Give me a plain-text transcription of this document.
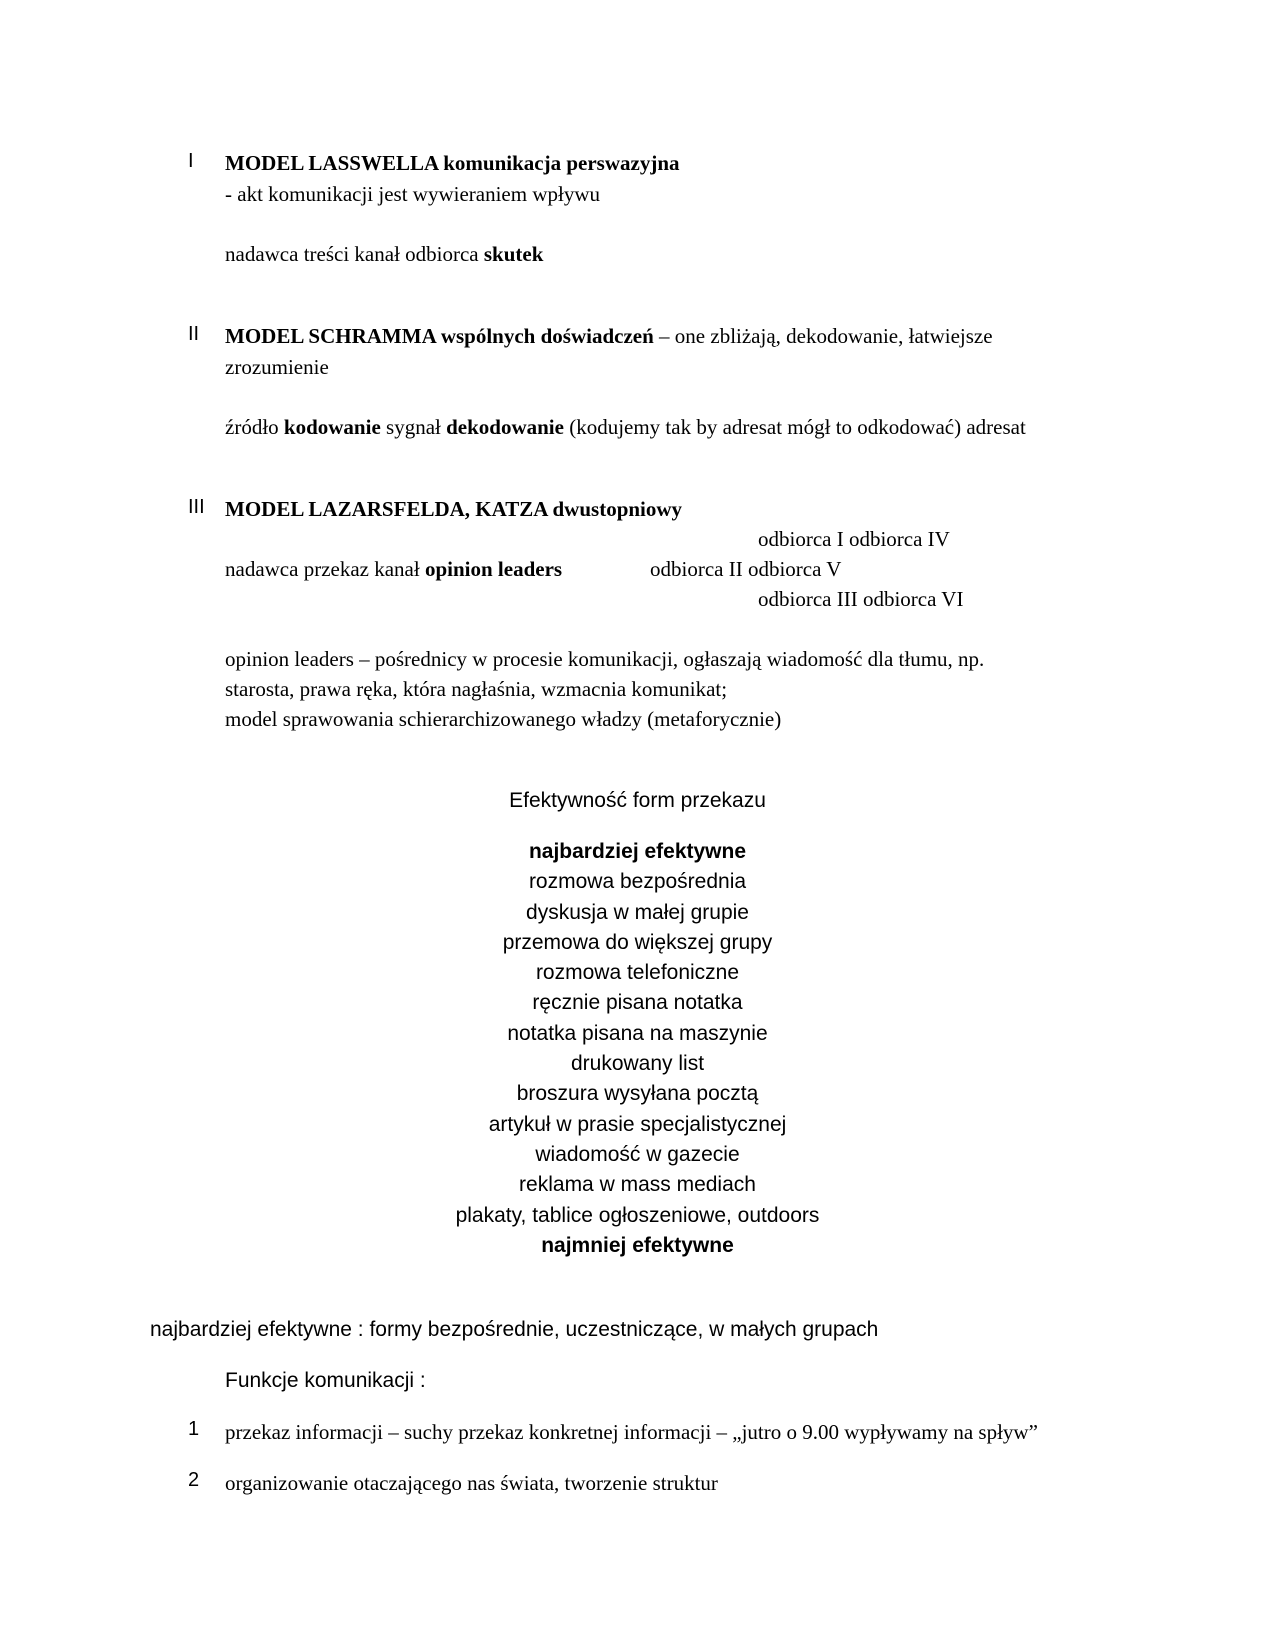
I MODEL LASSWELLA komunikacja perswazyjna
- akt komunikacji jest wywieraniem wpływu
nadawca treści kanał odbiorca skutek
II MODEL SCHRAMMA wspólnych doświadczeń – one zbliżają, dekodowanie, łatwiejsze
zrozumienie
źródło kodowanie sygnał dekodowanie (kodujemy tak by adresat mógł to odkodować) adresat
III MODEL LAZARSFELDA, KATZA dwustopniowy
odbiorca I odbiorca IV
nadawca przekaz kanał opinion leaders	odbiorca II odbiorca V
odbiorca III odbiorca VI
opinion leaders – pośrednicy w procesie komunikacji, ogłaszają wiadomość dla tłumu, np.
starosta, prawa ręka, która nagłaśnia, wzmacnia komunikat;
model sprawowania schierarchizowanego władzy (metaforycznie)
Efektywność form przekazu
najbardziej efektywne
rozmowa bezpośrednia
dyskusja w małej grupie
przemowa do większej grupy
rozmowa telefoniczne
ręcznie pisana notatka
notatka pisana na maszynie
drukowany list
broszura wysyłana pocztą
artykuł w prasie specjalistycznej
wiadomość w gazecie
reklama w mass mediach
plakaty, tablice ogłoszeniowe, outdoors
najmniej efektywne
najbardziej efektywne : formy bezpośrednie, uczestniczące, w małych grupach
Funkcje komunikacji :
1 przekaz informacji – suchy przekaz konkretnej informacji – „jutro o 9.00 wypływamy na spływ”
2 organizowanie otaczającego nas świata, tworzenie struktur
